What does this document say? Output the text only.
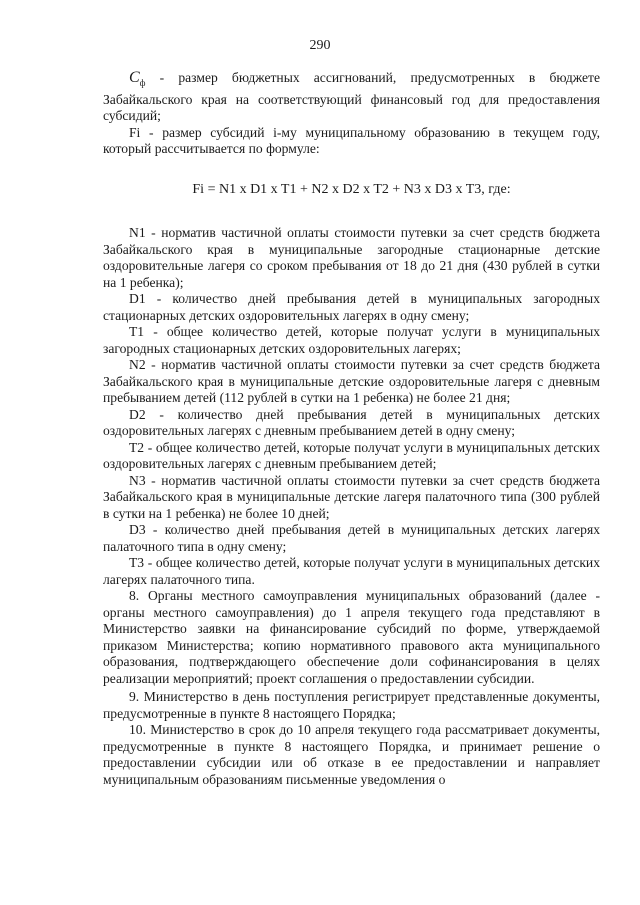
290

$С_ф$ - размер бюджетных ассигнований, предусмотренных в бюджете Забайкальского края на соответствующий финансовый год для предоставления субсидий;

Fi - размер субсидий i-му муниципальному образованию в текущем году, который рассчитывается по формуле:

Fi = N1 x D1 x T1 + N2 x D2 x T2 + N3 x D3 x T3, где:

N1 - норматив частичной оплаты стоимости путевки за счет средств бюджета Забайкальского края в муниципальные загородные стационарные детские оздоровительные лагеря со сроком пребывания от 18 до 21 дня (430 рублей в сутки на 1 ребенка);

D1 - количество дней пребывания детей в муниципальных загородных стационарных детских оздоровительных лагерях в одну смену;

Т1 - общее количество детей, которые получат услуги в муниципальных загородных стационарных детских оздоровительных лагерях;

N2 - норматив частичной оплаты стоимости путевки за счет средств бюджета Забайкальского края в муниципальные детские оздоровительные лагеря с дневным пребыванием детей (112 рублей в сутки на 1 ребенка) не более 21 дня;

D2 - количество дней пребывания детей в муниципальных детских оздоровительных лагерях с дневным пребыванием детей в одну смену;

Т2 - общее количество детей, которые получат услуги в муниципальных детских оздоровительных лагерях с дневным пребыванием детей;

N3 - норматив частичной оплаты стоимости путевки за счет средств бюджета Забайкальского края в муниципальные детские лагеря палаточного типа (300 рублей в сутки на 1 ребенка) не более 10 дней;

D3 - количество дней пребывания детей в муниципальных детских лагерях палаточного типа в одну смену;

Т3 - общее количество детей, которые получат услуги в муниципальных детских лагерях палаточного типа.

8. Органы местного самоуправления муниципальных образований (далее - органы местного самоуправления) до 1 апреля текущего года представляют в Министерство заявки на финансирование субсидий по форме, утверждаемой приказом Министерства; копию нормативного правового акта муниципального образования, подтверждающего обеспечение доли софинансирования в целях реализации мероприятий; проект соглашения о предоставлении субсидии.

9. Министерство в день поступления регистрирует представленные документы, предусмотренные в пункте 8 настоящего Порядка;

10. Министерство в срок до 10 апреля текущего года рассматривает документы, предусмотренные в пункте 8 настоящего Порядка, и принимает решение о предоставлении субсидии или об отказе в ее предоставлении и направляет муниципальным образованиям письменные уведомления о
